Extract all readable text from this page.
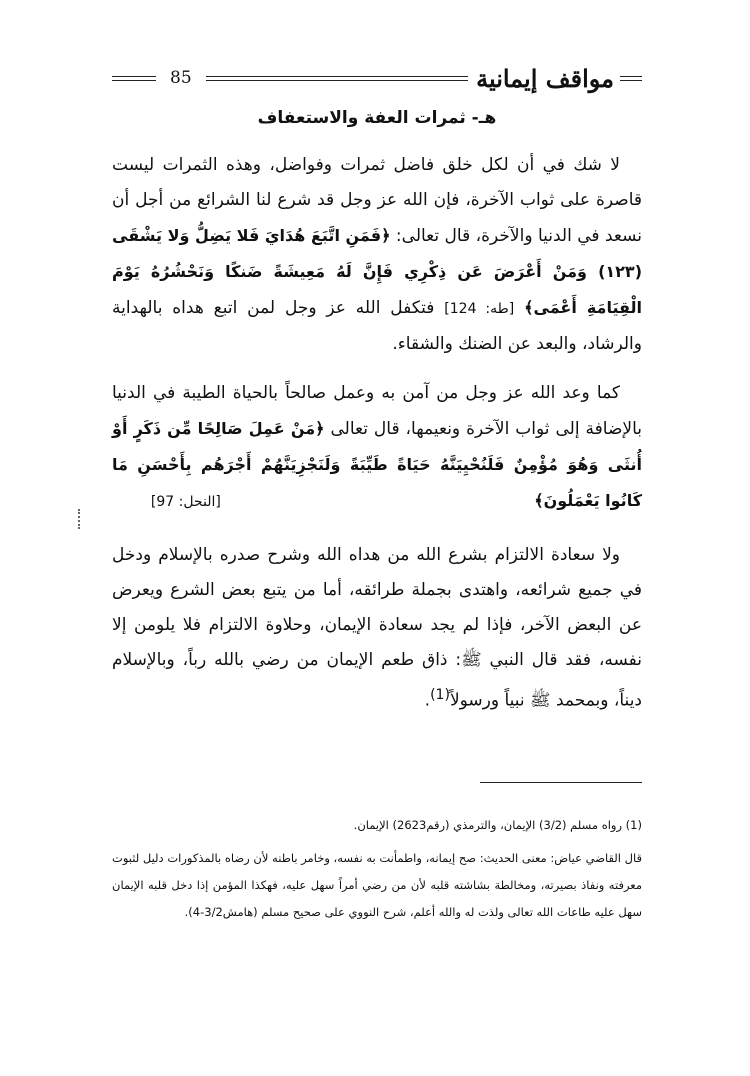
85	مواقف إيمانية
هـ- ثمرات العفة والاستعفاف

لا شك في أن لكل خلق فاضل ثمرات وفواضل، وهذه الثمرات ليست قاصرة على ثواب الآخرة، فإن الله عز وجل قد شرع لنا الشرائع من أجل أن نسعد في الدنيا والآخرة، قال تعالى: ﴿فَمَنِ اتَّبَعَ هُدَايَ فَلا يَضِلُّ وَلا يَشْقَى (١٢٣) وَمَنْ أَعْرَضَ عَن ذِكْرِي فَإِنَّ لَهُ مَعِيشَةً ضَنكًا وَنَحْشُرُهُ يَوْمَ الْقِيَامَةِ أَعْمَى﴾ [طه: 124] فتكفل الله عز وجل لمن اتبع هداه بالهداية والرشاد، والبعد عن الضنك والشقاء.

كما وعد الله عز وجل من آمن به وعمل صالحاً بالحياة الطيبة في الدنيا بالإضافة إلى ثواب الآخرة ونعيمها، قال تعالى ﴿مَنْ عَمِلَ صَالِحًا مِّن ذَكَرٍ أَوْ أُنثَى وَهُوَ مُؤْمِنٌ فَلَنُحْيِيَنَّهُ حَيَاةً طَيِّبَةً وَلَنَجْزِيَنَّهُمْ أَجْرَهُم بِأَحْسَنِ مَا كَانُوا يَعْمَلُونَ﴾                                                          [النحل: 97]

ولا سعادة الالتزام بشرع الله من هداه الله وشرح صدره بالإسلام ودخل في جميع شرائعه، واهتدى بجملة طرائقه، أما من يتبع بعض الشرع ويعرض عن البعض الآخر، فإذا لم يجد سعادة الإيمان، وحلاوة الالتزام فلا يلومن إلا نفسه، فقد قال النبي ﷺ: ذاق طعم الإيمان من رضي بالله رباً، وبالإسلام ديناً، وبمحمد ﷺ نبياً ورسولاً$^{(1)}$.

(1) رواه مسلم (3/2) الإيمان، والترمذي (رقم2623) الإيمان.

قال القاضي عياض: معنى الحديث: صح إيمانه، واطمأنت به نفسه، وخامر باطنه لأن رضاه بالمذكورات دليل لثبوت معرفته ونفاذ بصيرته، ومخالطة بشاشته قلبه لأن من رضي أمراً سهل عليه، فهكذا المؤمن إذا دخل قلبه الإيمان سهل عليه طاعات الله تعالى ولذت له والله أعلم، شرح النووي على صحيح مسلم (هامش3/2-4).
